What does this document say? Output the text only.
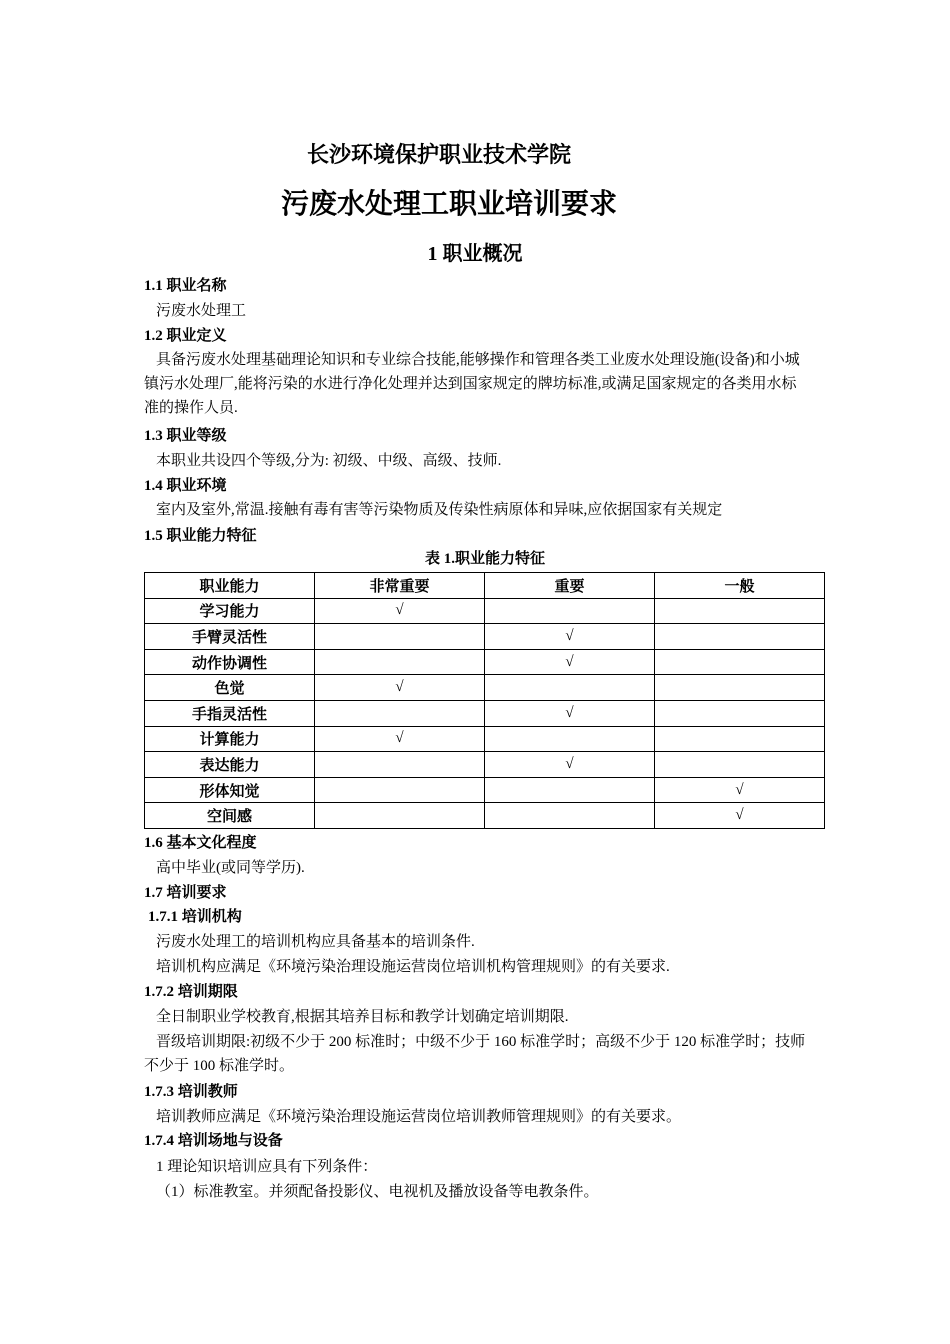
长沙环境保护职业技术学院
污废水处理工职业培训要求
1 职业概况
1.1 职业名称
污废水处理工
1.2 职业定义
具备污废水处理基础理论知识和专业综合技能,能够操作和管理各类工业废水处理设施(设备)和小城镇污水处理厂,能将污染的水进行净化处理并达到国家规定的牌坊标准,或满足国家规定的各类用水标准的操作人员.
1.3 职业等级
本职业共设四个等级,分为: 初级、中级、高级、技师.
1.4 职业环境
室内及室外,常温.接触有毒有害等污染物质及传染性病原体和异味,应依据国家有关规定
1.5 职业能力特征
表 1.职业能力特征
职业能力	非常重要	重要	一般
学习能力	√		
手臂灵活性		√	
动作协调性		√	
色觉	√		
手指灵活性		√	
计算能力	√		
表达能力		√	
形体知觉			√
空间感			√
1.6 基本文化程度
高中毕业(或同等学历).
1.7 培训要求
1.7.1 培训机构
污废水处理工的培训机构应具备基本的培训条件.
培训机构应满足《环境污染治理设施运营岗位培训机构管理规则》的有关要求.
1.7.2 培训期限
全日制职业学校教育,根据其培养目标和教学计划确定培训期限.
晋级培训期限:初级不少于 200 标准时；中级不少于 160 标准学时；高级不少于 120 标准学时；技师不少于 100 标准学时。
1.7.3 培训教师
培训教师应满足《环境污染治理设施运营岗位培训教师管理规则》的有关要求。
1.7.4 培训场地与设备
1 理论知识培训应具有下列条件：
（1）标准教室。并须配备投影仪、电视机及播放设备等电教条件。
